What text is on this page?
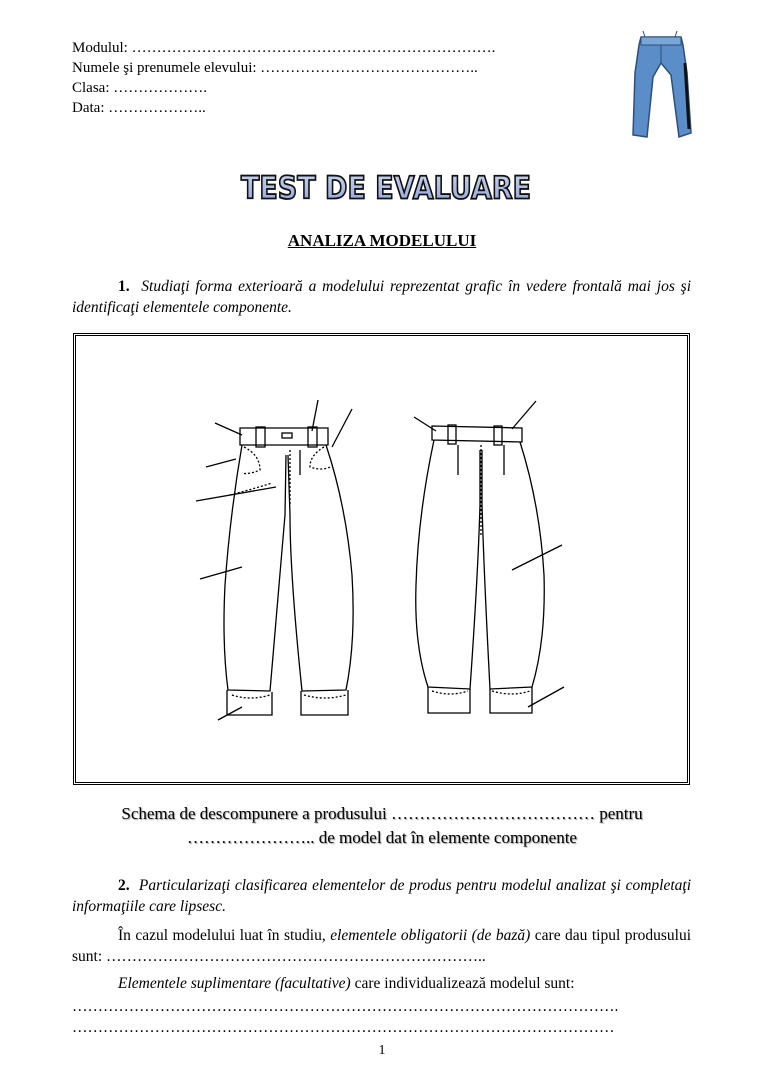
Modulul: ……………………………………………………………….
Numele şi prenumele elevului: ……………………………………..
Clasa: ……………….
Data: ………………..
TEST DE EVALUARE
ANALIZA MODELULUI
1. Studiaţi forma exterioară a modelului reprezentat grafic în vedere frontală mai jos şi identificaţi elementele componente.
Schema de descompunere a produsului ……………………………… pentru
………………….. de model dat în elemente componente
2. Particularizaţi clasificarea elementelor de produs pentru modelul analizat şi completaţi informaţiile care lipsesc.
În cazul modelului luat în studiu, elementele obligatorii (de bază) care dau tipul produsului sunt: ………………………………………………………………..
Elementele suplimentare (facultative) care individualizează modelul sunt:
…………………………………………………………………………………………….
……………………………………………………………………………………………
1
